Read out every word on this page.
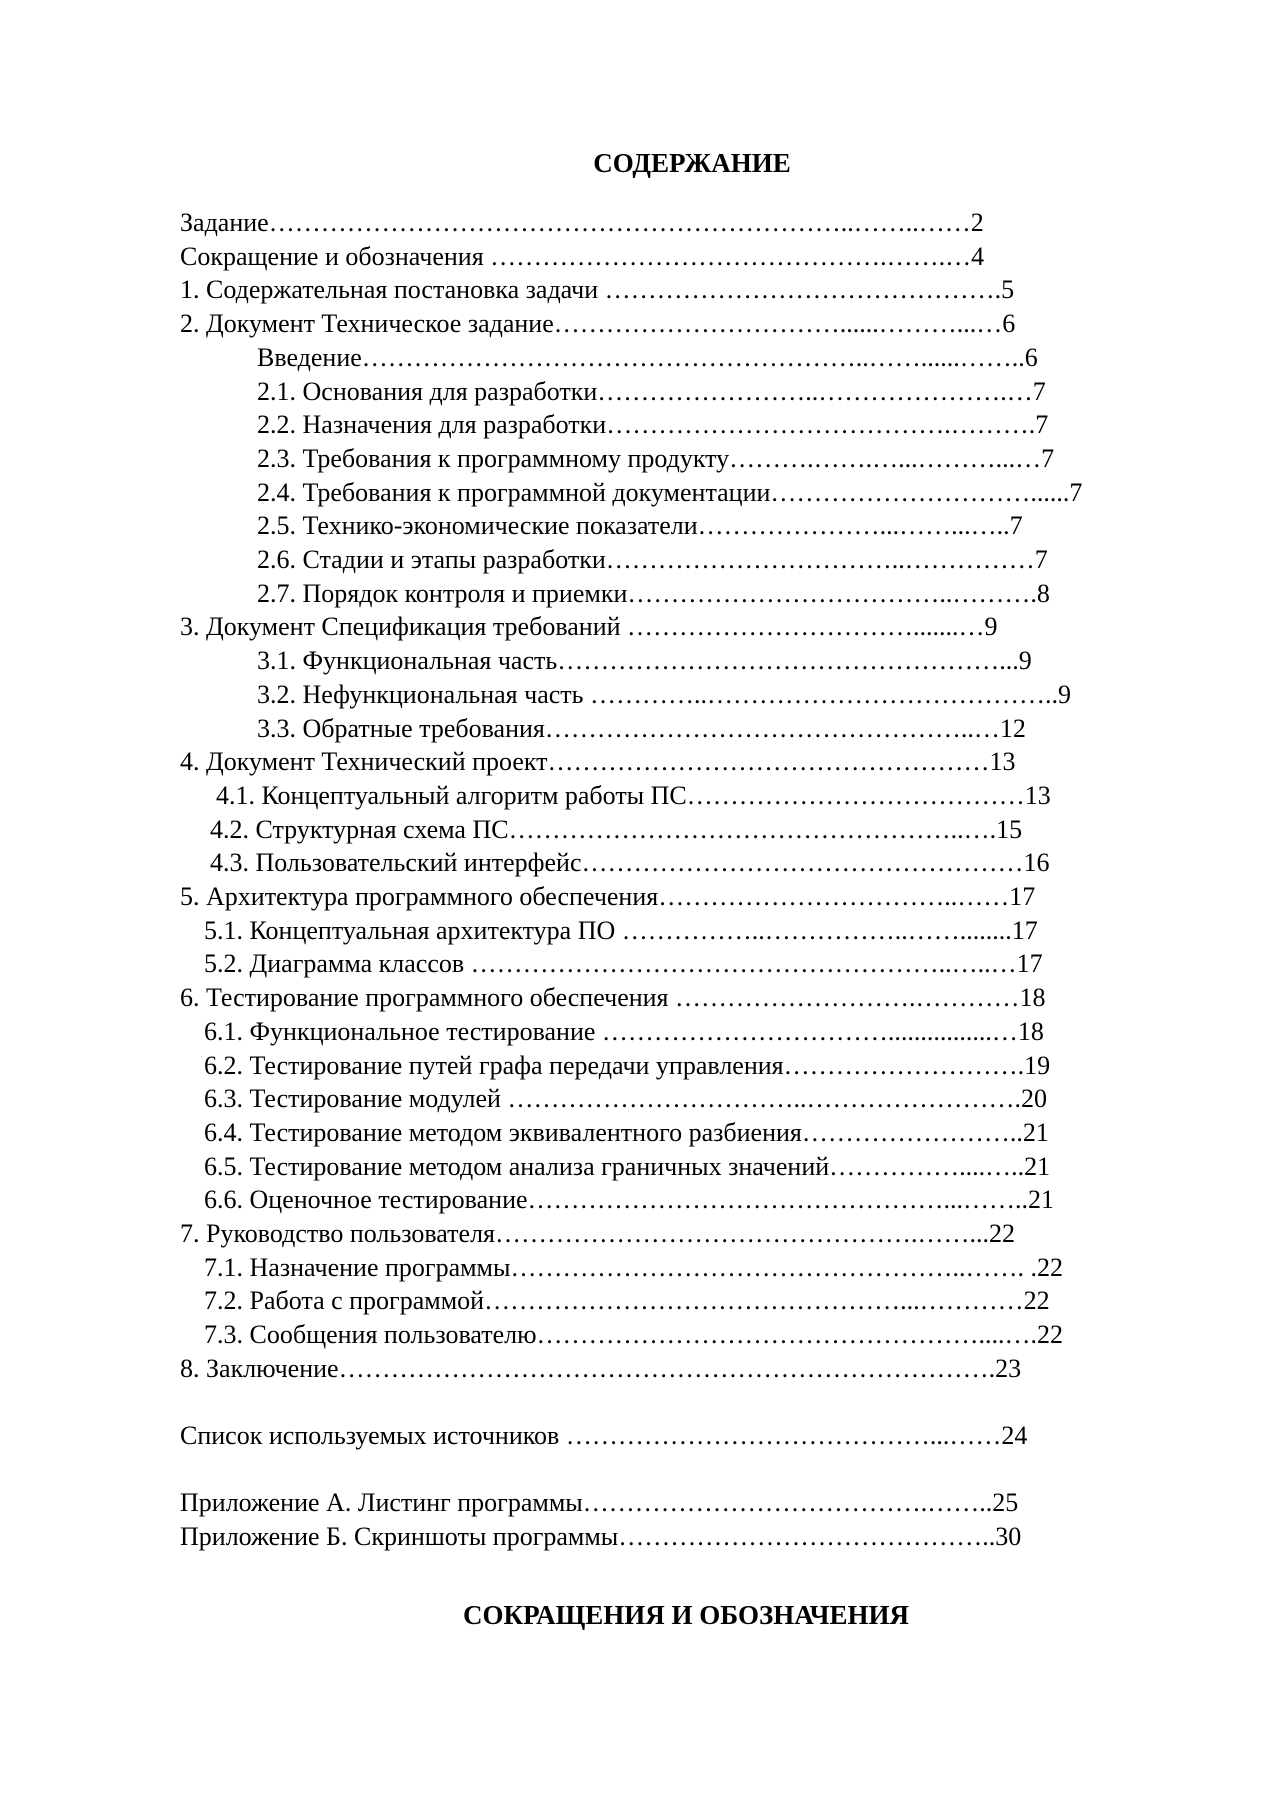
СОДЕРЖАНИЕ
Задание…………………………………………………………..……..……2
Сокращение и обозначения ……………………………………….…….…4
1. Содержательная постановка задачи ……………………………………….5
2. Документ Техническое задание……………………………......………...…6
Введение…………………………………………………..……......……..6
2.1. Основания для разработки……………………..………………….…7
2.2. Назначения для разработки………………………………….……….7
2.3. Требования к программному продукту……….…….…...………...…7
2.4. Требования к программной документации…………………………......7
2.5. Технико-экономические показатели…………………...……...…..7
2.6. Стадии и этапы разработки……………………………..……………7
2.7. Порядок контроля и приемки………………………………..……….8
3. Документ Спецификация требований …………………………….......…9
3.1. Функциональная часть……………………………………………...9
3.2. Нефункциональная часть …………..…………………………………..9
3.3. Обратные требования…………………………………………..…12
4. Документ Технический проект……………………………………………13
4.1. Концептуальный алгоритм работы ПС…………………………………13
4.2. Структурная схема ПС……………………………………………..….15
4.3. Пользовательский интерфейс……………………………………………16
5. Архитектура программного обеспечения……………………………..……17
5.1. Концептуальная архитектура ПО ……………..……………..……........17
5.2. Диаграмма классов ………………………………………………..…..…17
6. Тестирование программного обеспечения ……………………….…………18
6.1. Функциональное тестирование ……………………………................…18
6.2. Тестирование путей графа передачи управления……………………….19
6.3. Тестирование модулей ……………………………..…………………….20
6.4. Тестирование методом эквивалентного разбиения……………………..21
6.5. Тестирование методом анализа граничных значений……………....…..21
6.6. Оценочное тестирование…………………………………………...……..21
7. Руководство пользователя………………………………………….……...22
7.1. Назначение программы……………………………………………..……. .22
7.2. Работа с программой…………………………………………...…………22
7.3. Сообщения пользователю……………………………………………....….22
8. Заключение………………………………………………………………….23
Список используемых источников ……………………………………...……24
Приложение А. Листинг программы………………………………….……..25
Приложение Б. Скриншоты программы……………………………………..30
СОКРАЩЕНИЯ И ОБОЗНАЧЕНИЯ
